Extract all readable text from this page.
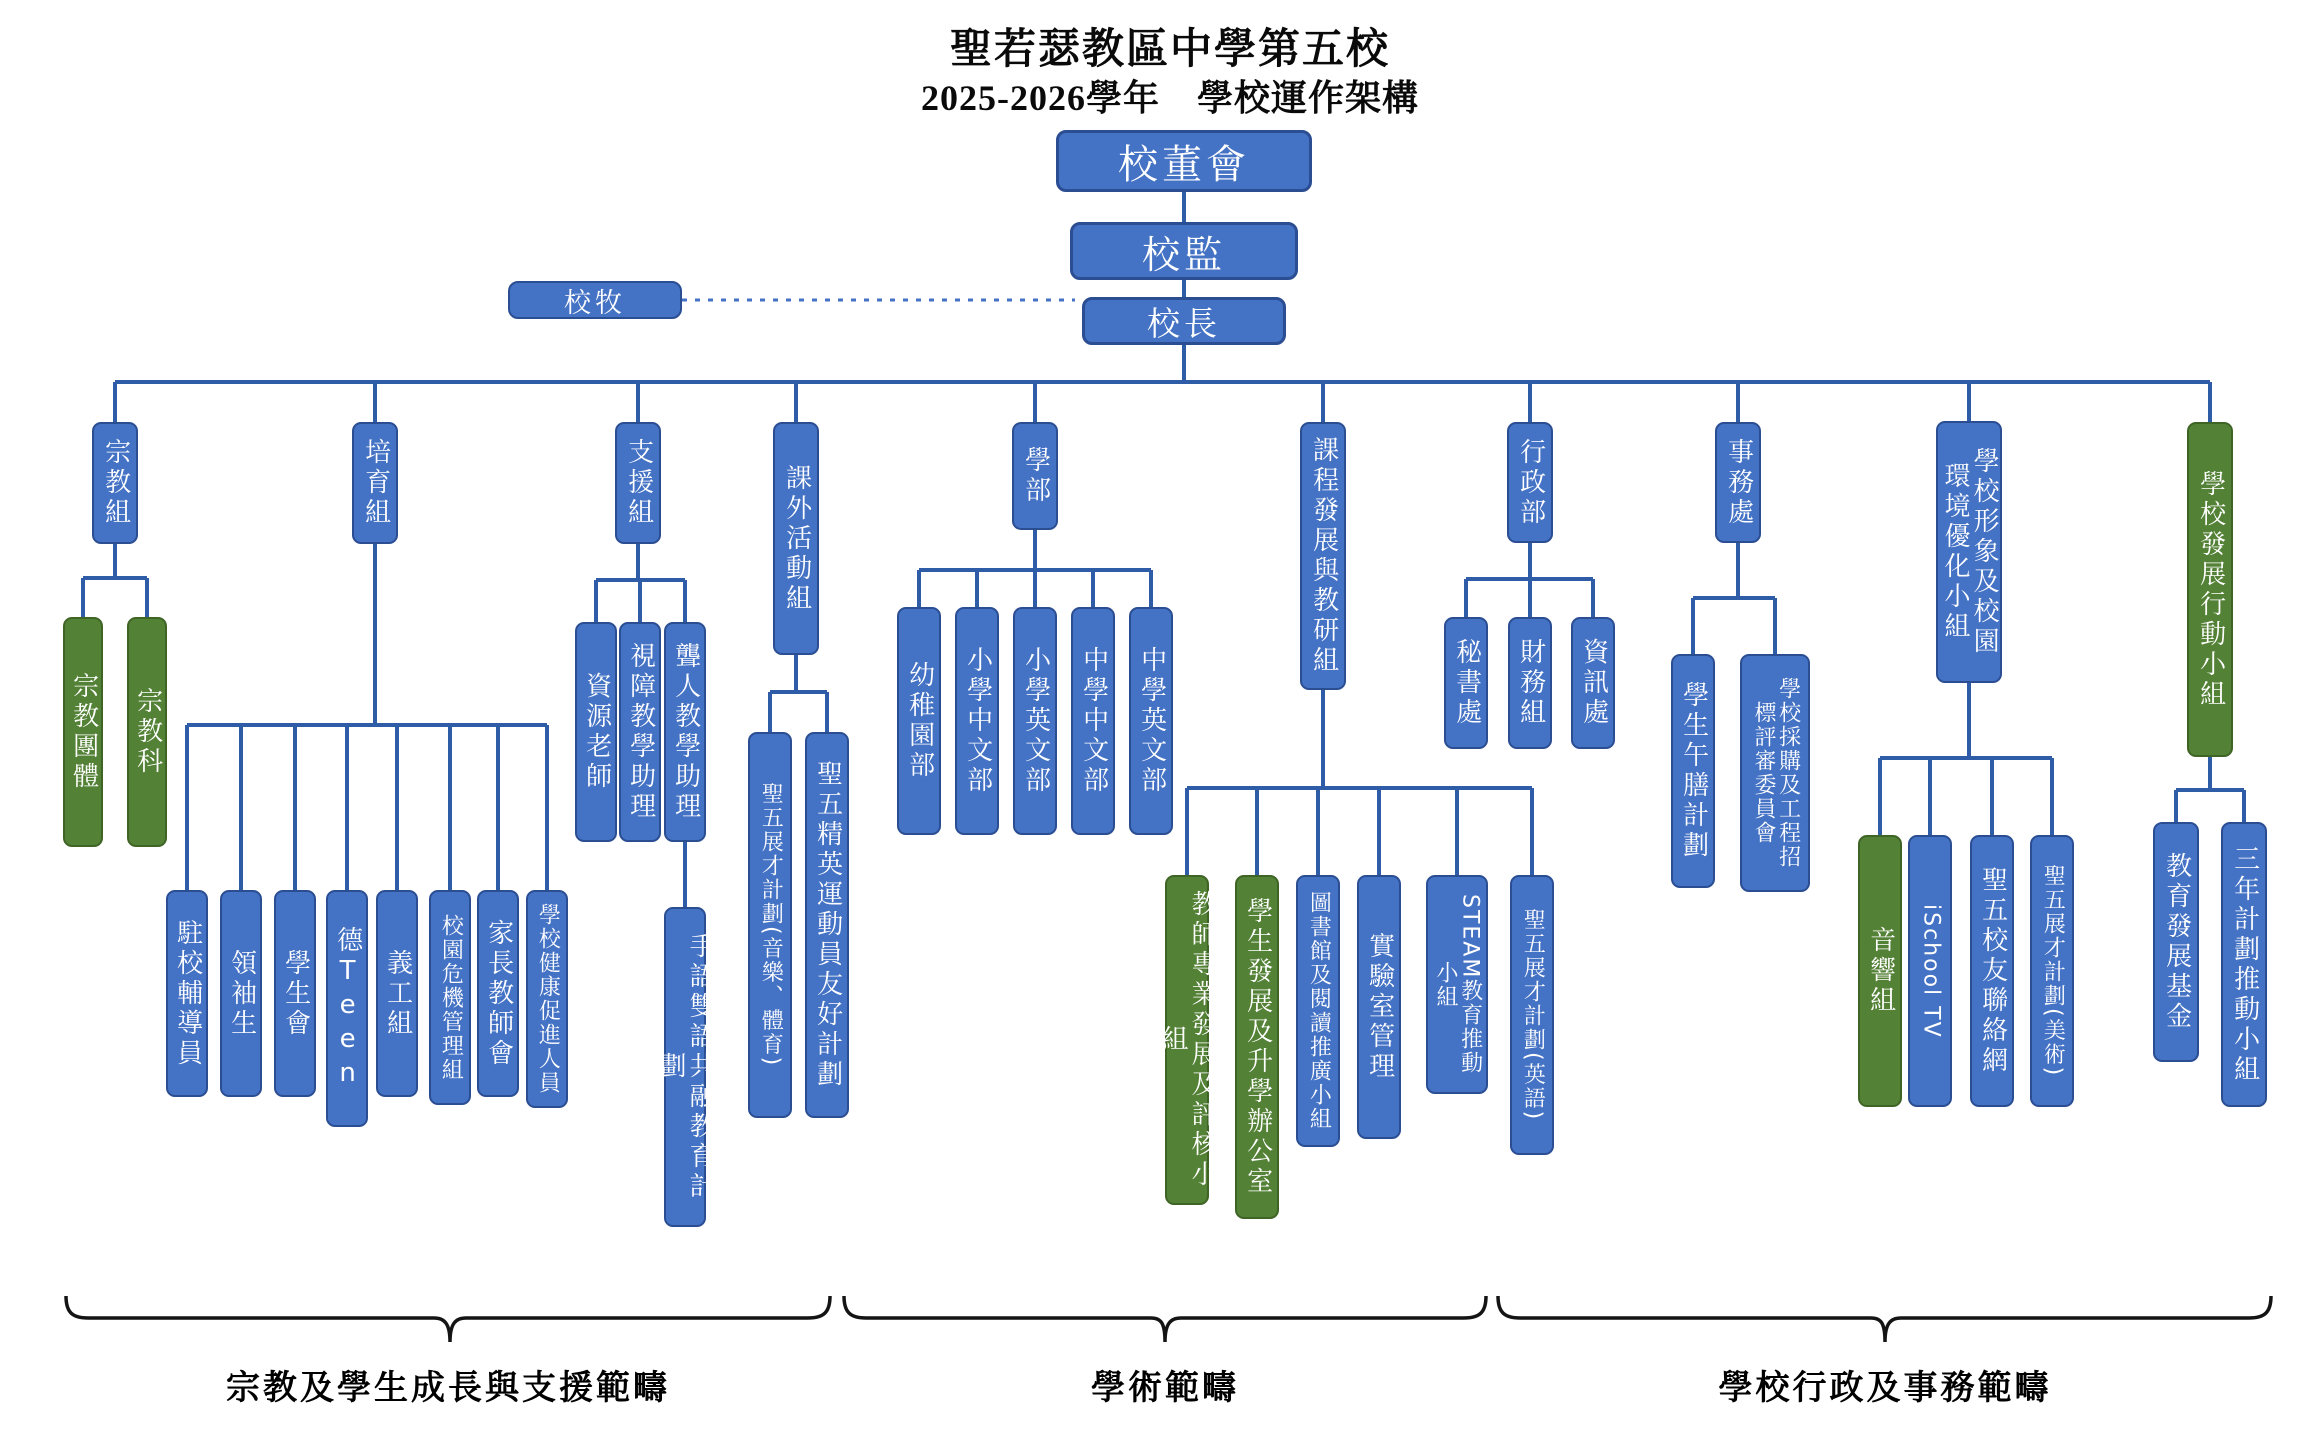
聖若瑟教區中學第五校
2025-2026學年　學校運作架構
校董會
校監
校長
校牧
宗教組	培育組	支援組	課外活動組	學部	課程發展與教研組	行政部	事務處	學校形象及校園環境優化小組	學校發展行動小組
宗教團體 宗教科
駐校輔導員 領袖生 學生會 德Teen 義工組	校園危機管理組 家長教師會 學校健康促進人員
資源老師 視障教學助理 聾人教學助理
手語雙語共融教育計劃	聖五展才計劃(音樂、體育)	聖五精英運動員友好計劃
幼稚園部 小學中文部 小學英文部 中學中文部 中學英文部
教師專業發展及評核小組	學生發展及升學辦公室	圖書館及閱讀推廣小組	實驗室管理	STEAM教育推動小組	聖五展才計劃(英語)
秘書處 財務組 資訊處	學生午膳計劃	學校採購及工程招標評審委員會
音響組	iSchool TV	聖五校友聯絡網	聖五展才計劃(美術)	教育發展基金	三年計劃推動小組
宗教及學生成長與支援範疇	學術範疇	學校行政及事務範疇
